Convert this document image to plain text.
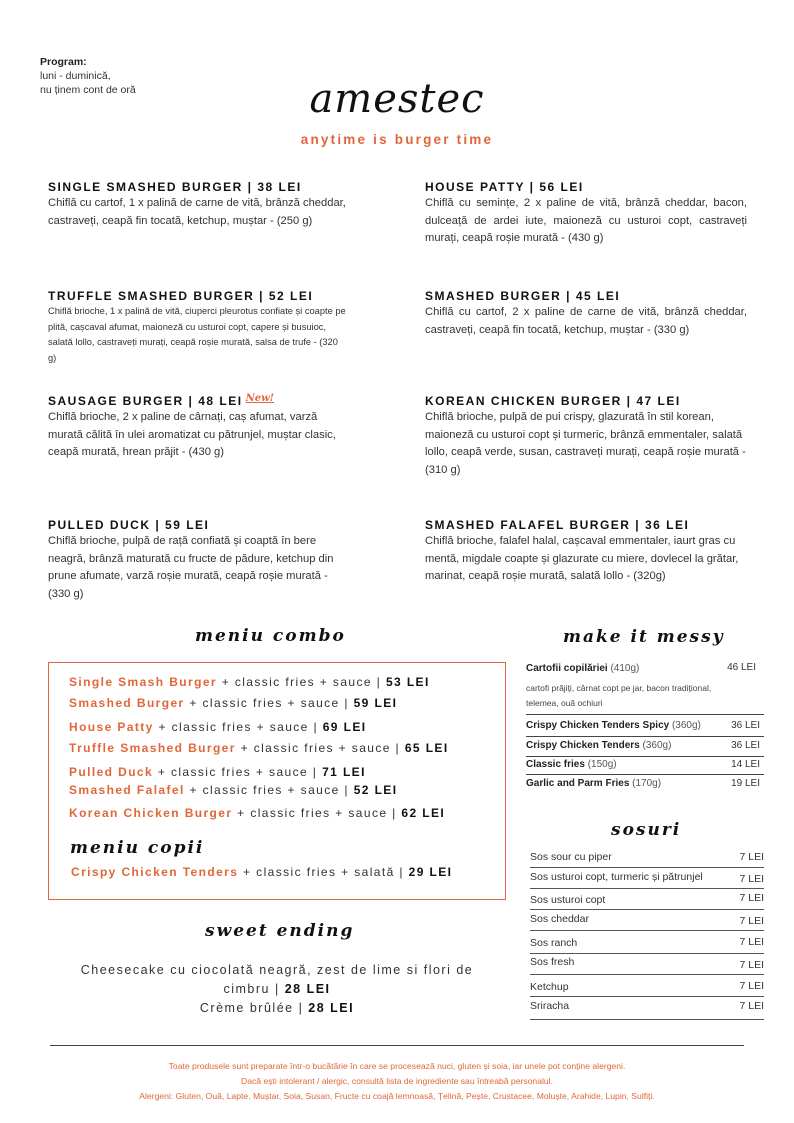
Program:
luni - duminică,
nu ținem cont de oră	amestec
anytime is burger time
SINGLE SMASHED BURGER | 38 LEI
Chiflă cu cartof, 1 x palină de carne de vită, brânză cheddar, castraveți, ceapă fin tocată, ketchup, muștar - (250 g)
HOUSE PATTY | 56 LEI
Chiflă cu semințe, 2 x paline de vită, brânză cheddar, bacon, dulceață de ardei iute, maioneză cu usturoi copt, castraveți murați, ceapă roșie murată - (430 g)
TRUFFLE SMASHED BURGER | 52 LEI
Chiflă brioche, 1 x palină de vită, ciuperci pleurotus confiate și coapte pe plită, cașcaval afumat, maioneză cu usturoi copt, capere și busuioc, salată lollo, castraveți murați, ceapă roșie murată, salsa de trufe - (320 g)
SMASHED BURGER | 45 LEI
Chiflă cu cartof, 2 x paline de carne de vită, brânză cheddar, castraveți, ceapă fin tocată, ketchup, muștar - (330 g)
SAUSAGE BURGER | 48 LEI $^{New!}$
Chiflă brioche, 2 x paline de cârnați, caș afumat, varză murată călită în ulei aromatizat cu pătrunjel, muștar clasic, ceapă murată, hrean prăjit - (430 g)
KOREAN CHICKEN BURGER | 47 LEI
Chiflă brioche, pulpă de pui crispy, glazurată în stil korean, maioneză cu usturoi copt și turmeric, brânză emmentaler, salată lollo, ceapă verde, susan, castraveți murați, ceapă roșie murată - (310 g)
PULLED DUCK | 59 LEI
Chiflă brioche, pulpă de rață confiată și coaptă în bere neagră, brânză maturată cu fructe de pădure, ketchup din prune afumate, varză roșie murată, ceapă roșie murată - (330 g)
SMASHED FALAFEL BURGER | 36 LEI
Chiflă brioche, falafel halal, cașcaval emmentaler, iaurt gras cu mentă, migdale coapte și glazurate cu miere, dovlecel la grătar, marinat, ceapă roșie murată, salată lollo - (320g)
meniu combo
Single Smash Burger + classic fries + sauce | 53 LEI
Smashed Burger + classic fries + sauce | 59 LEI
House Patty + classic fries + sauce | 69 LEI
Truffle Smashed Burger + classic fries + sauce | 65 LEI
Pulled Duck + classic fries + sauce | 71 LEI
Smashed Falafel + classic fries + sauce | 52 LEI
Korean Chicken Burger + classic fries + sauce | 62 LEI
meniu copii
Crispy Chicken Tenders + classic fries + salată | 29 LEI
sweet ending
Cheesecake cu ciocolată neagră, zest de lime si flori de
cimbru | 28 LEI
Crème brûlée | 28 LEI
make it messy
Cartofii copilăriei (410g)	46 LEI
cartofi prăjiți, cârnat copt pe jar, bacon tradițional,
telemea, ouă ochiuri
Crispy Chicken Tenders Spicy (360g)	36 LEI
Crispy Chicken Tenders (360g)	36 LEI
Classic fries (150g)	14 LEI
Garlic and Parm Fries (170g)	19 LEI
sosuri
Sos sour cu piper	7 LEI
Sos usturoi copt, turmeric și pătrunjel	7 LEI
Sos usturoi copt	7 LEI
Sos cheddar	7 LEI
Sos ranch	7 LEI
Sos fresh	7 LEI
Ketchup	7 LEI
Sriracha	7 LEI
Toate produsele sunt preparate într-o bucătărie în care se procesează nuci, gluten și soia, iar unele pot conține alergeni.
Dacă ești intolerant / alergic, consultă lista de ingrediente sau întreabă personalul.
Alergeni: Gluten, Ouă, Lapte, Muștar, Soia, Susan, Fructe cu coajă lemnoasă, Țelină, Pește, Crustacee, Moluște, Arahide, Lupin, Sulfiți.
